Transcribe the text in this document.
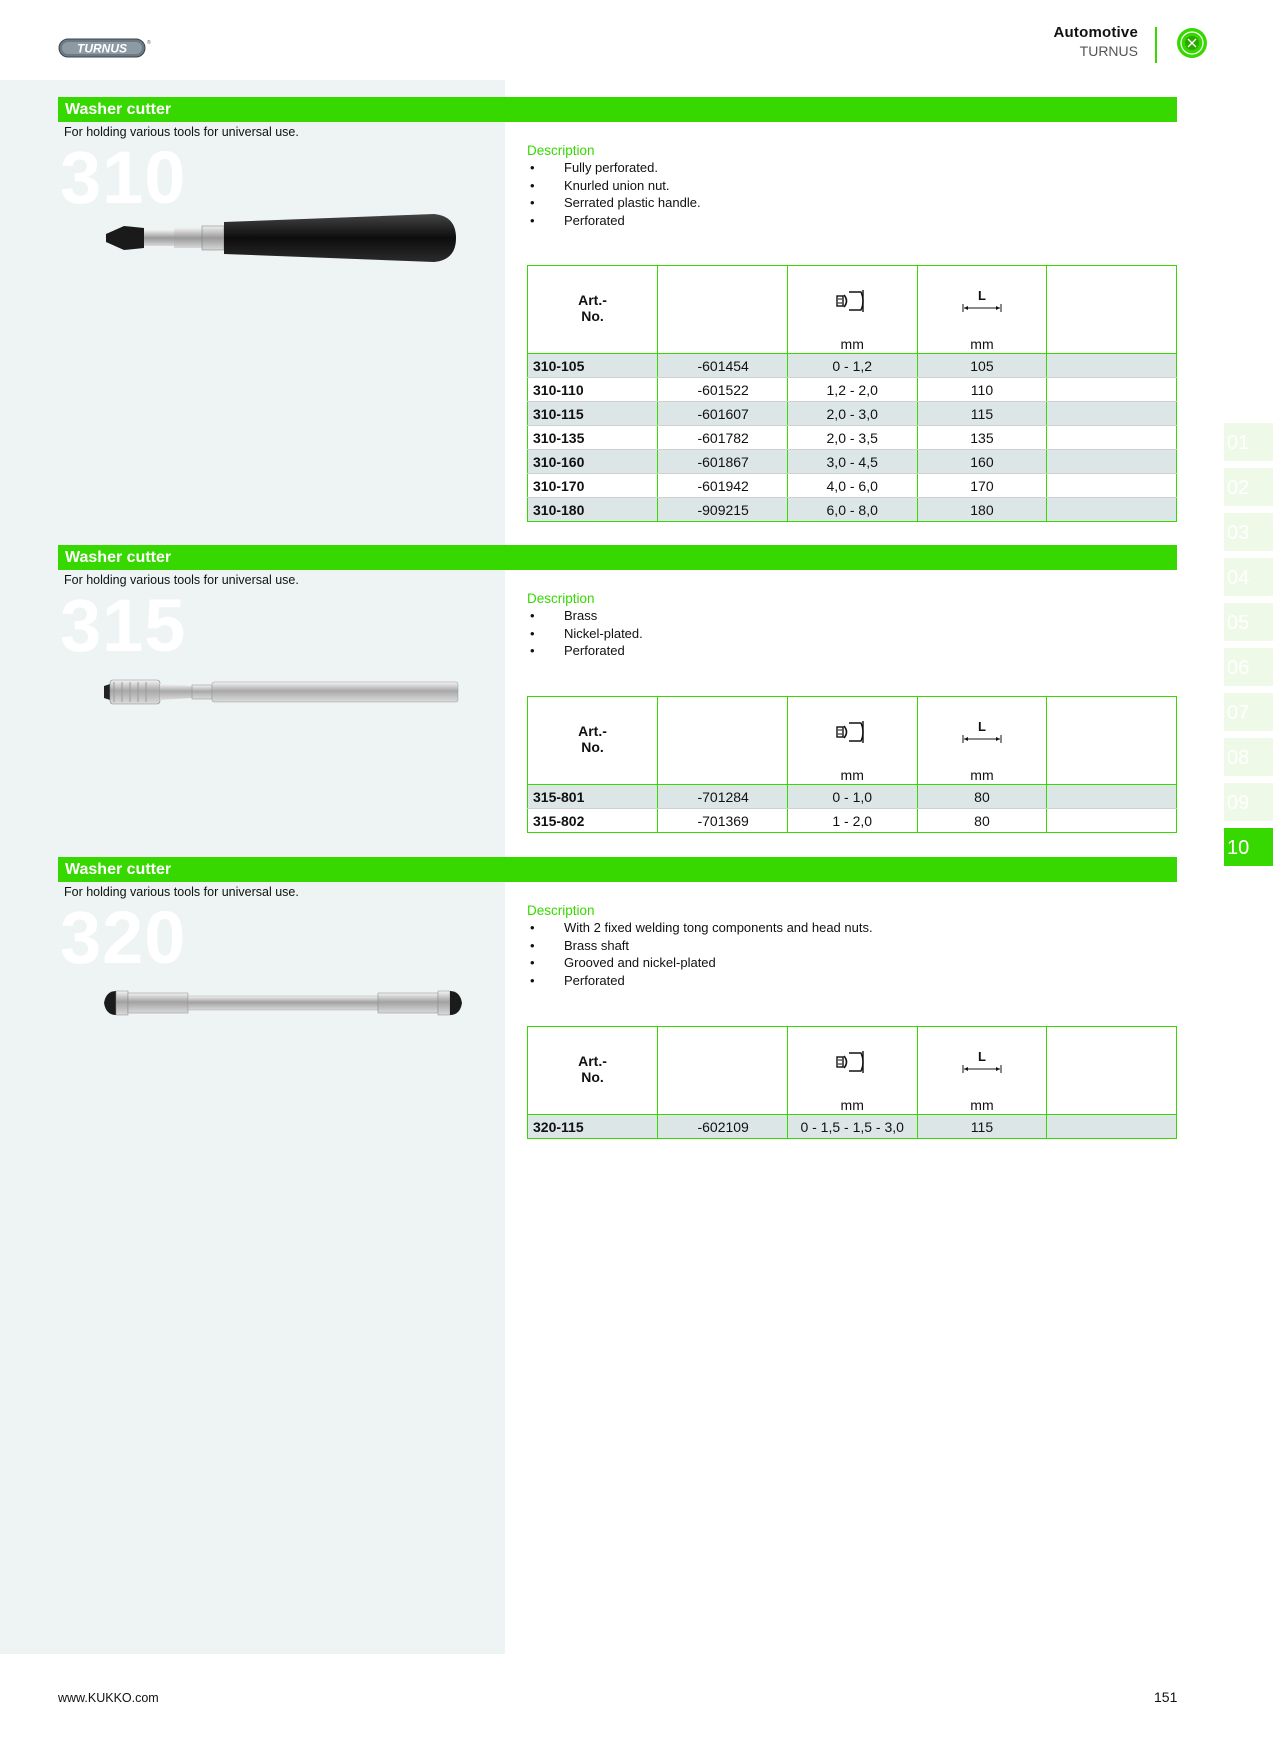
TURNUS	®
Automotive
TURNUS
Washer cutter
For holding various tools for universal use.
310	Description
• Fully perforated.
• Knurled union nut.
• Serrated plastic handle.
• Perforated
Art.-
No.			L	

		mm	mm	
310-105	-601454	0 - 1,2	105	
310-110	-601522	1,2 - 2,0	110	
310-115	-601607	2,0 - 3,0	115	
310-135	-601782	2,0 - 3,5	135	
310-160	-601867	3,0 - 4,5	160	
310-170	-601942	4,0 - 6,0	170	
310-180	-909215	6,0 - 8,0	180	
Washer cutter
For holding various tools for universal use.
315	Description
• Brass
• Nickel-plated.
• Perforated
Art.-
No.			L	

		mm	mm	
315-801	-701284	0 - 1,0	80	
315-802	-701369	1 - 2,0	80	
Washer cutter
For holding various tools for universal use.
320	Description
• With 2 fixed welding tong components and head nuts.
• Brass shaft
• Grooved and nickel-plated
• Perforated
Art.-
No.			L	

		mm	mm	
320-115	-602109	0 - 1,5 - 1,5 - 3,0	115	
01
02
03
04
05
06
07
08
09
10
www.KUKKO.com	151
